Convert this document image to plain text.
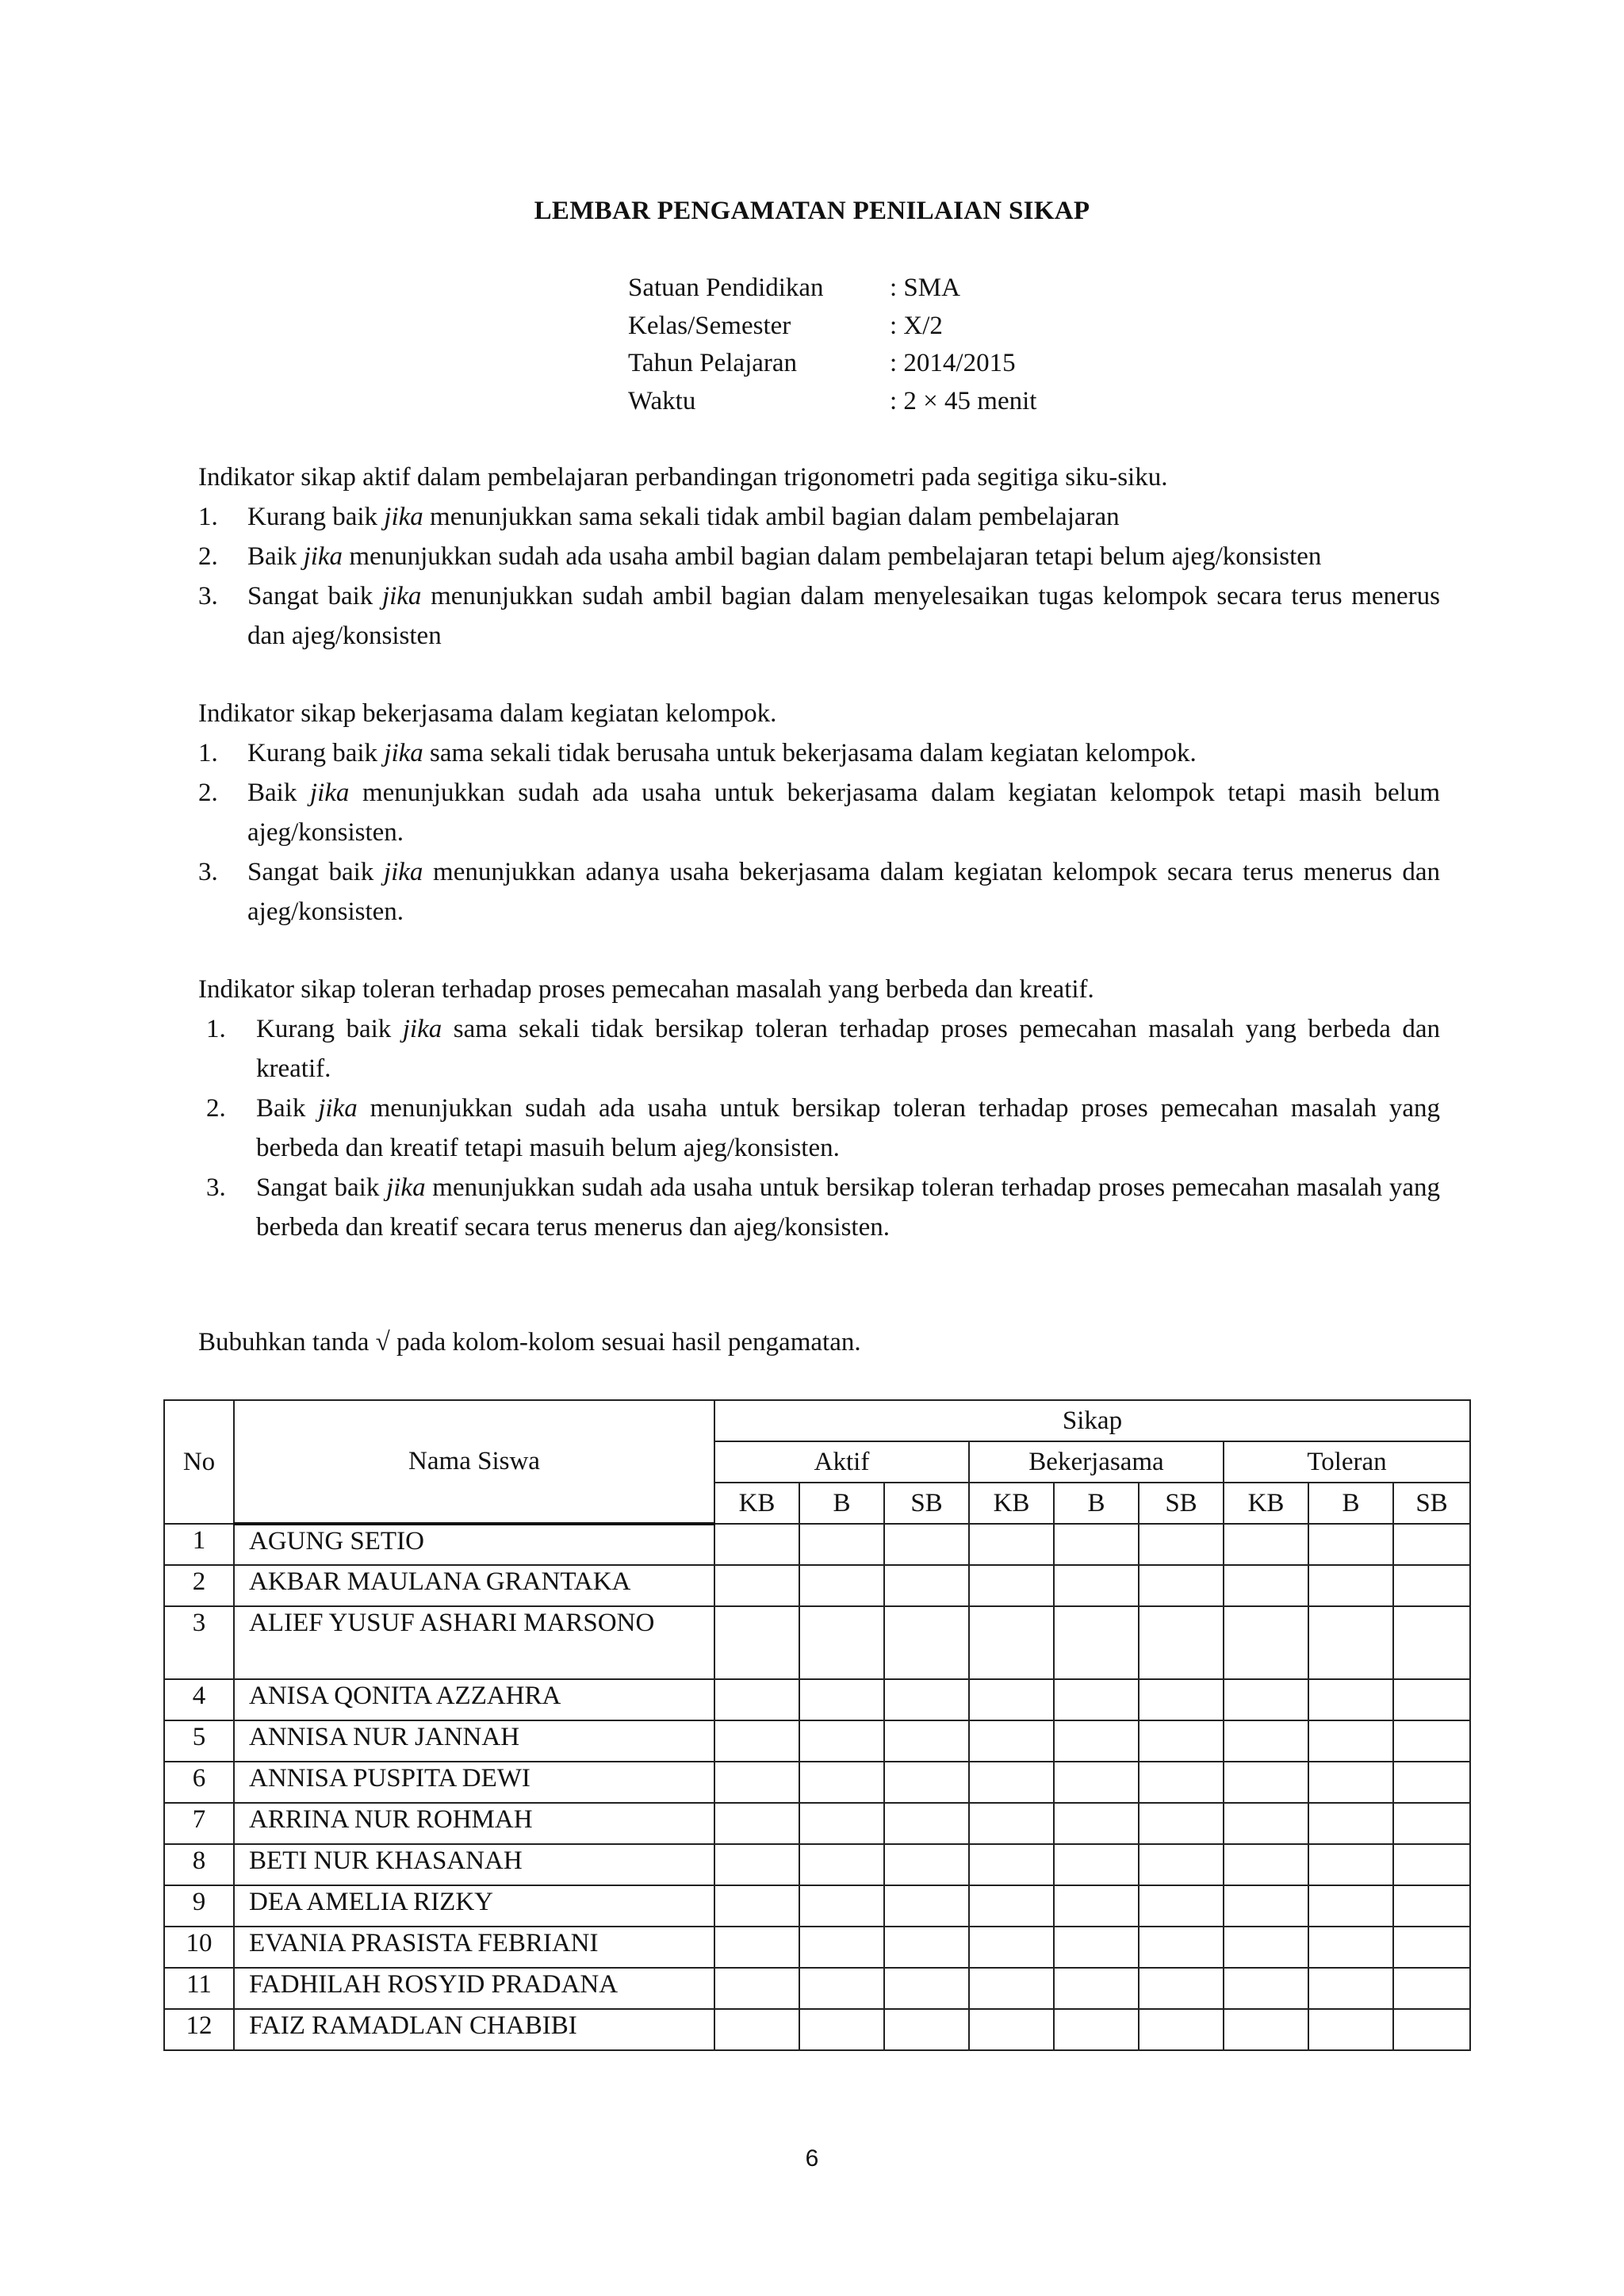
LEMBAR PENGAMATAN PENILAIAN SIKAP
Satuan Pendidikan	: SMA
Kelas/Semester	: X/2
Tahun Pelajaran	: 2014/2015
Waktu	: 2 × 45 menit
Indikator sikap aktif dalam pembelajaran perbandingan trigonometri pada segitiga siku-siku.
1. Kurang baik jika menunjukkan sama sekali tidak ambil bagian dalam pembelajaran
2. Baik jika menunjukkan sudah ada usaha ambil bagian dalam pembelajaran tetapi belum ajeg/konsisten
3. Sangat baik jika menunjukkan sudah ambil bagian dalam menyelesaikan tugas kelompok secara terus menerus dan ajeg/konsisten
Indikator sikap bekerjasama dalam kegiatan kelompok.
1. Kurang baik jika sama sekali tidak berusaha untuk bekerjasama dalam kegiatan kelompok.
2. Baik jika menunjukkan sudah ada usaha untuk bekerjasama dalam kegiatan kelompok tetapi masih belum ajeg/konsisten.
3. Sangat baik jika menunjukkan adanya usaha bekerjasama dalam kegiatan kelompok secara terus menerus dan ajeg/konsisten.
Indikator sikap toleran terhadap proses pemecahan masalah yang berbeda dan kreatif.
1. Kurang baik jika sama sekali tidak bersikap toleran terhadap proses pemecahan masalah yang berbeda dan kreatif.
2. Baik jika menunjukkan sudah ada usaha untuk bersikap toleran terhadap proses pemecahan masalah yang berbeda dan kreatif tetapi masuih belum ajeg/konsisten.
3. Sangat baik jika menunjukkan sudah ada usaha untuk bersikap toleran terhadap proses pemecahan masalah yang berbeda dan kreatif secara terus menerus dan ajeg/konsisten.
Bubuhkan tanda √ pada kolom-kolom sesuai hasil pengamatan.
No	Nama Siswa	Sikap								
		Aktif			Bekerjasama			Toleran		
		KB	B	SB	KB	B	SB	KB	B	SB
1	AGUNG SETIO									
2	AKBAR MAULANA GRANTAKA									
3	ALIEF YUSUF ASHARI MARSONO									
4	ANISA QONITA AZZAHRA									
5	ANNISA NUR JANNAH									
6	ANNISA PUSPITA DEWI									
7	ARRINA NUR ROHMAH									
8	BETI NUR KHASANAH									
9	DEA AMELIA RIZKY									
10	EVANIA PRASISTA FEBRIANI									
11	FADHILAH ROSYID PRADANA									
12	FAIZ RAMADLAN CHABIBI									
6
